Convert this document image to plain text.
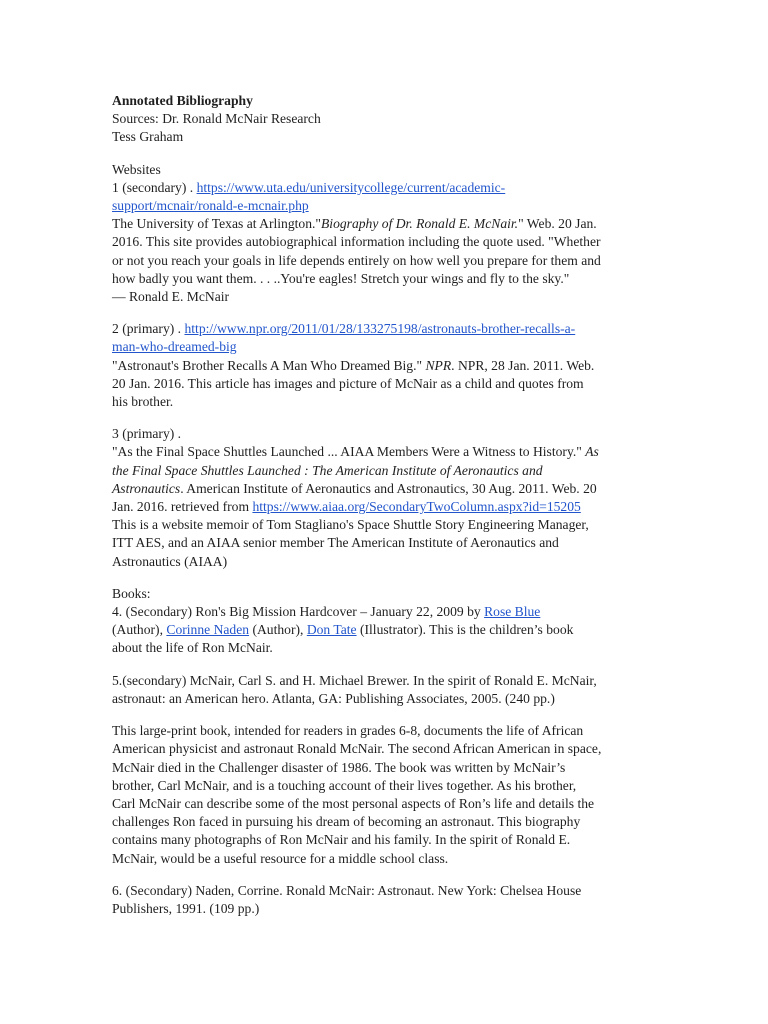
Annotated Bibliography
Sources: Dr. Ronald McNair Research
Tess Graham
Websites
1 (secondary) . https://www.uta.edu/universitycollege/current/academic-
support/mcnair/ronald-e-mcnair.php
The University of Texas at Arlington."Biography of Dr. Ronald E. McNair." Web. 20 Jan.
2016. This site provides autobiographical information including the quote used. "Whether
or not you reach your goals in life depends entirely on how well you prepare for them and
how badly you want them. . . ..You're eagles! Stretch your wings and fly to the sky."
― Ronald E. McNair
2 (primary) . http://www.npr.org/2011/01/28/133275198/astronauts-brother-recalls-a-
man-who-dreamed-big
"Astronaut's Brother Recalls A Man Who Dreamed Big." NPR. NPR, 28 Jan. 2011. Web.
20 Jan. 2016. This article has images and picture of McNair as a child and quotes from
his brother.
3 (primary) .
"As the Final Space Shuttles Launched ... AIAA Members Were a Witness to History." As
the Final Space Shuttles Launched : The American Institute of Aeronautics and
Astronautics. American Institute of Aeronautics and Astronautics, 30 Aug. 2011. Web. 20
Jan. 2016. retrieved from https://www.aiaa.org/SecondaryTwoColumn.aspx?id=15205
This is a website memoir of Tom Stagliano's Space Shuttle Story Engineering Manager,
ITT AES, and an AIAA senior member The American Institute of Aeronautics and
Astronautics (AIAA)
Books:
4. (Secondary) Ron's Big Mission Hardcover – January 22, 2009 by Rose Blue
(Author), Corinne Naden (Author), Don Tate (Illustrator). This is the children’s book
about the life of Ron McNair.
5.(secondary) McNair, Carl S. and H. Michael Brewer. In the spirit of Ronald E. McNair,
astronaut: an American hero. Atlanta, GA: Publishing Associates, 2005. (240 pp.)
This large-print book, intended for readers in grades 6-8, documents the life of African
American physicist and astronaut Ronald McNair. The second African American in space,
McNair died in the Challenger disaster of 1986. The book was written by McNair’s
brother, Carl McNair, and is a touching account of their lives together. As his brother,
Carl McNair can describe some of the most personal aspects of Ron’s life and details the
challenges Ron faced in pursuing his dream of becoming an astronaut. This biography
contains many photographs of Ron McNair and his family. In the spirit of Ronald E.
McNair, would be a useful resource for a middle school class.
6. (Secondary) Naden, Corrine. Ronald McNair: Astronaut. New York: Chelsea House
Publishers, 1991. (109 pp.)
